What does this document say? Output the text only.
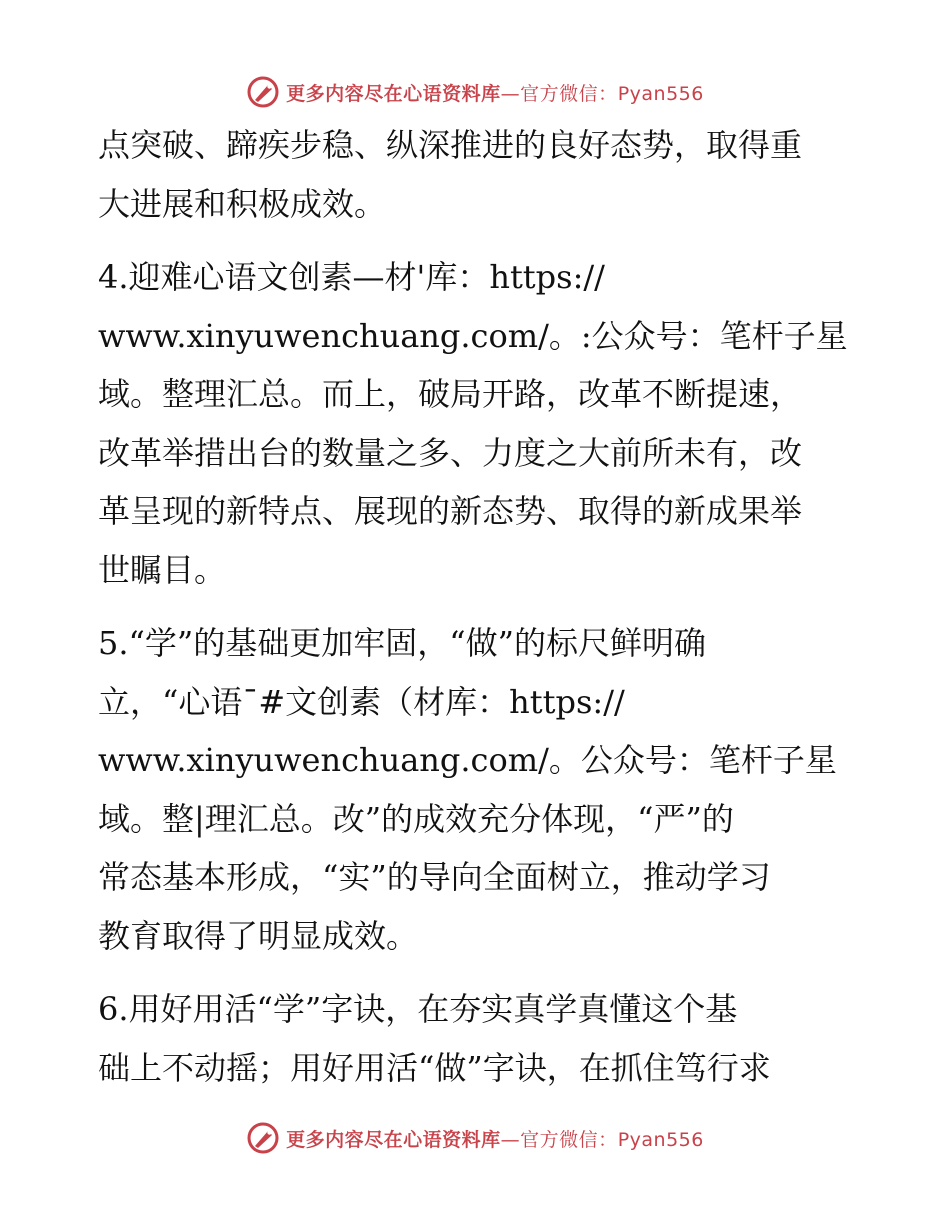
更多内容尽在心语资料库—官方微信：Pyan556

点突破、蹄疾步稳、纵深推进的良好态势，取得重
大进展和积极成效。

4.迎难心语文创素—材'库：https://
www.xinyuwenchuang.com/。:公众号：笔杆子星
域。整理汇总。而上，破局开路，改革不断提速，
改革举措出台的数量之多、力度之大前所未有，改
革呈现的新特点、展现的新态势、取得的新成果举
世瞩目。

5.“学”的基础更加牢固，“做”的标尺鲜明确
立，“心语¯#文创素（材库：https://
www.xinyuwenchuang.com/。公众号：笔杆子星
域。整|理汇总。改”的成效充分体现，“严”的
常态基本形成，“实”的导向全面树立，推动学习
教育取得了明显成效。

6.用好用活“学”字诀，在夯实真学真懂这个基
础上不动摇；用好用活“做”字诀，在抓住笃行求

更多内容尽在心语资料库—官方微信：Pyan556
